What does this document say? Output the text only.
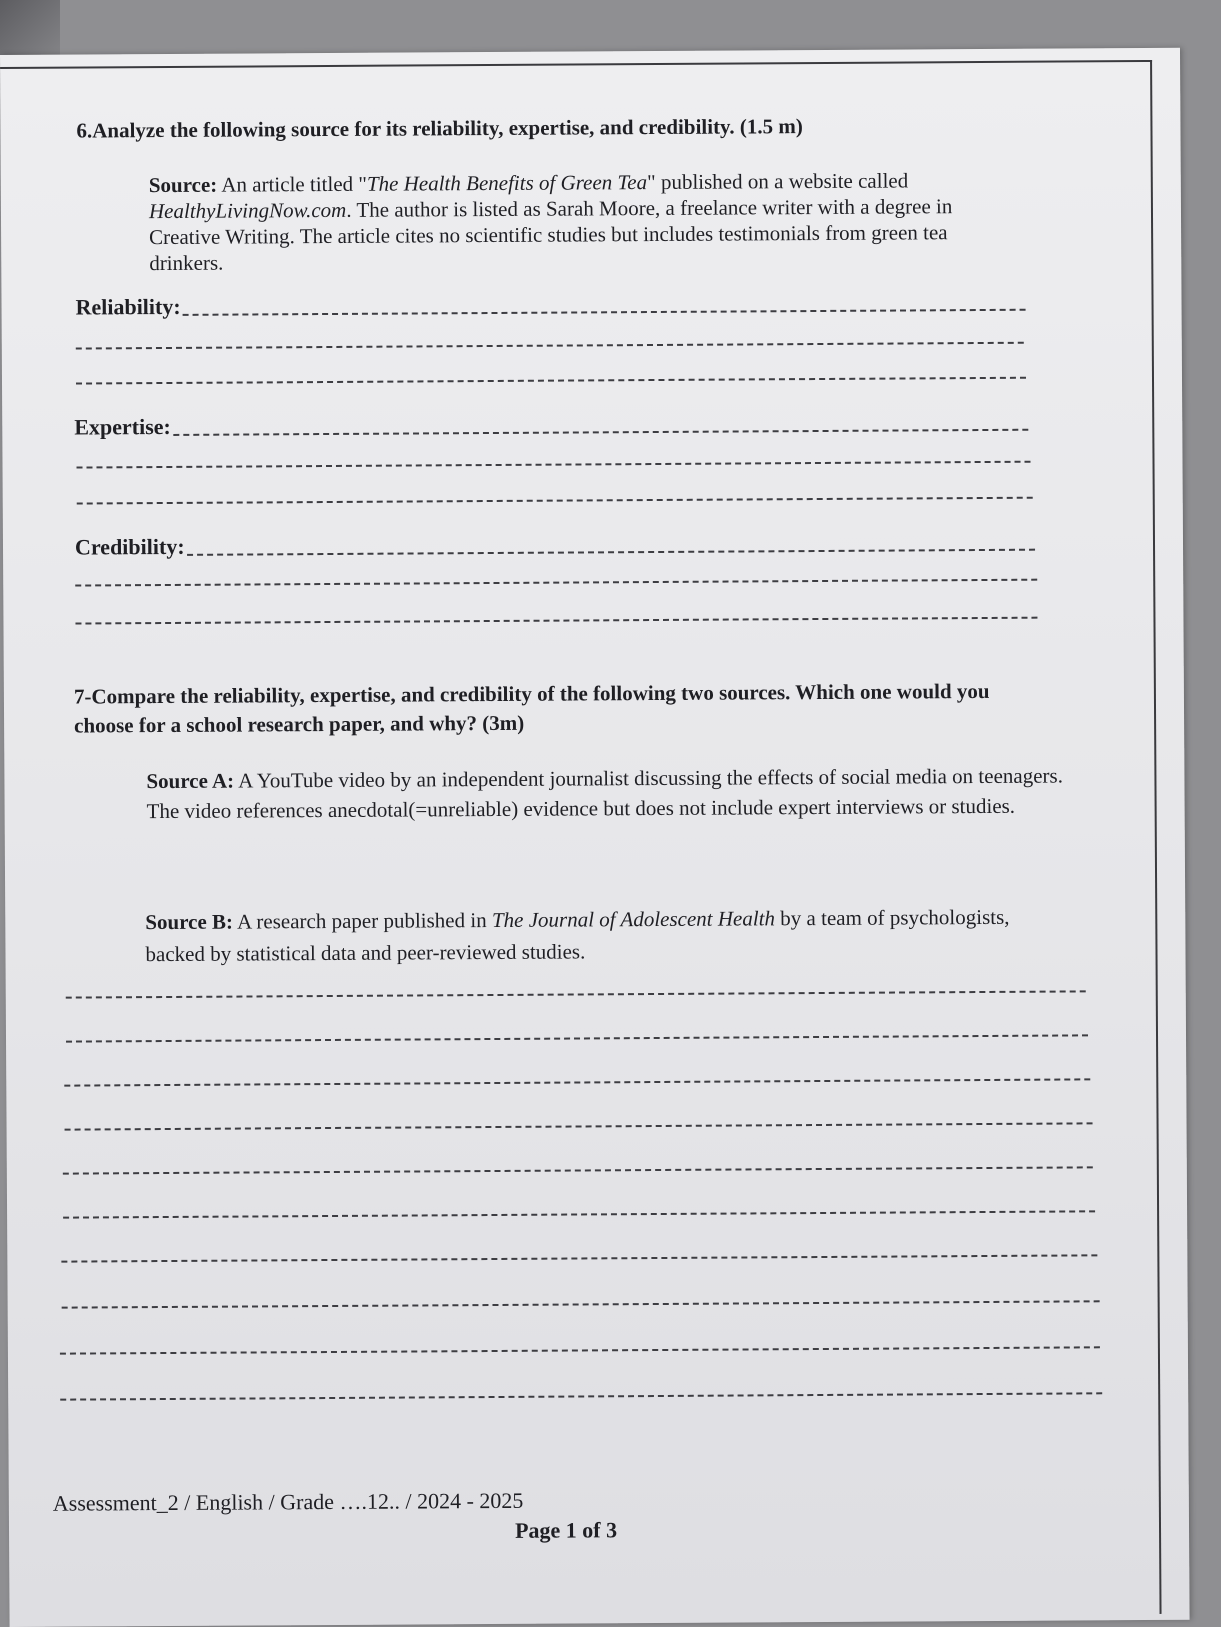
6.Analyze the following source for its reliability, expertise, and credibility. (1.5 m)
Source: An article titled "The Health Benefits of Green Tea" published on a website called HealthyLivingNow.com. The author is listed as Sarah Moore, a freelance writer with a degree in Creative Writing. The article cites no scientific studies but includes testimonials from green tea drinkers.
Reliability:
Expertise:
Credibility:
7-Compare the reliability, expertise, and credibility of the following two sources. Which one would you choose for a school research paper, and why? (3m)
Source A: A YouTube video by an independent journalist discussing the effects of social media on teenagers. The video references anecdotal(=unreliable) evidence but does not include expert interviews or studies.
Source B: A research paper published in The Journal of Adolescent Health by a team of psychologists, backed by statistical data and peer-reviewed studies.
Assessment_2 / English / Grade ….12.. / 2024 - 2025
Page 1 of 3
